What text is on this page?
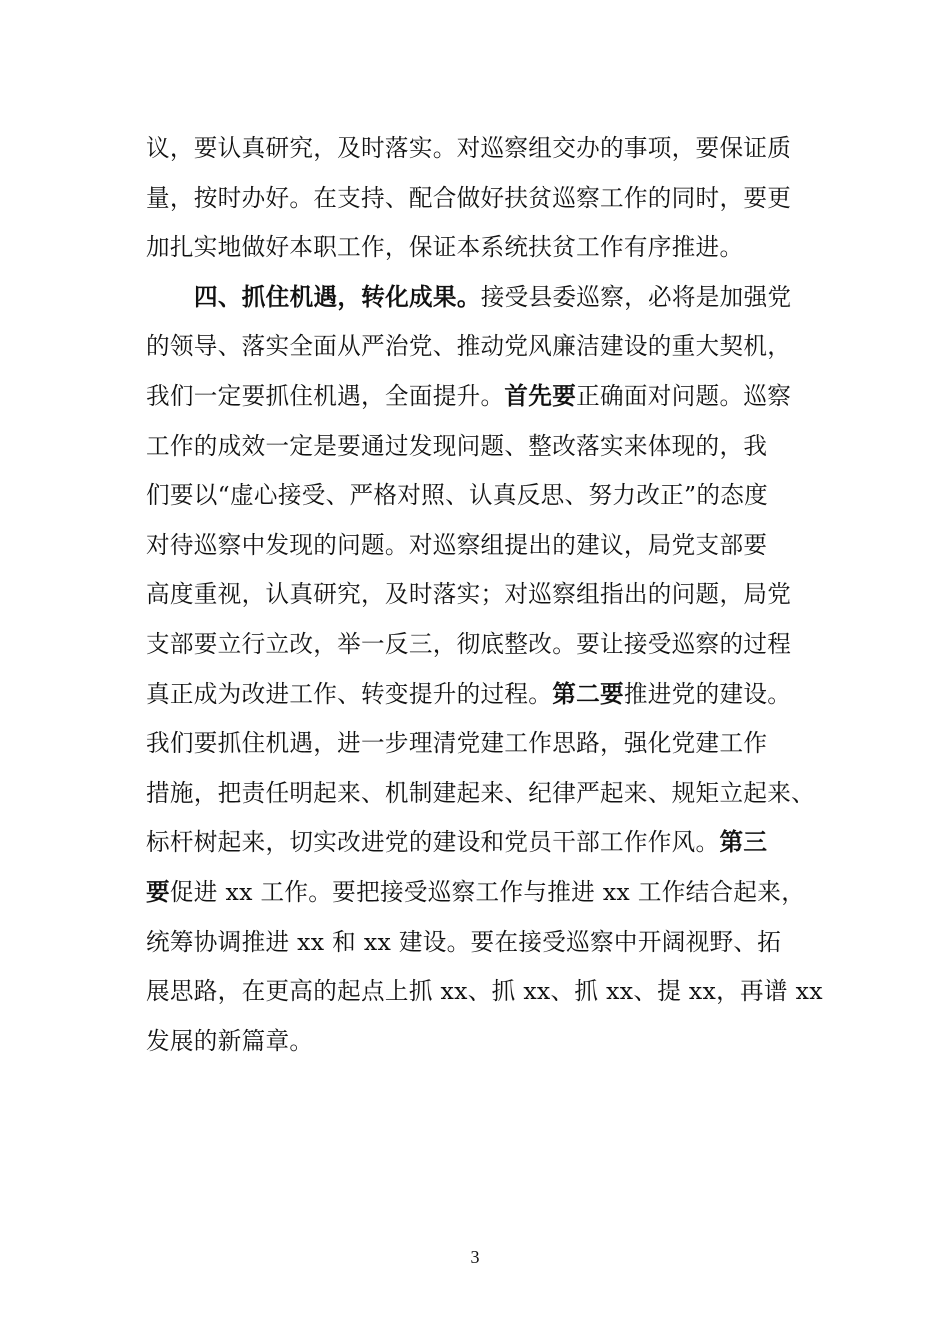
议，要认真研究，及时落实。对巡察组交办的事项，要保证质
量，按时办好。在支持、配合做好扶贫巡察工作的同时，要更
加扎实地做好本职工作，保证本系统扶贫工作有序推进。
四、抓住机遇，转化成果。接受县委巡察，必将是加强党
的领导、落实全面从严治党、推动党风廉洁建设的重大契机，
我们一定要抓住机遇，全面提升。首先要正确面对问题。巡察
工作的成效一定是要通过发现问题、整改落实来体现的，我
们要以“虚心接受、严格对照、认真反思、努力改正”的态度
对待巡察中发现的问题。对巡察组提出的建议，局党支部要
高度重视，认真研究，及时落实；对巡察组指出的问题，局党
支部要立行立改，举一反三，彻底整改。要让接受巡察的过程
真正成为改进工作、转变提升的过程。第二要推进党的建设。
我们要抓住机遇，进一步理清党建工作思路，强化党建工作
措施，把责任明起来、机制建起来、纪律严起来、规矩立起来、
标杆树起来，切实改进党的建设和党员干部工作作风。第三
要促进 xx 工作。要把接受巡察工作与推进 xx 工作结合起来，
统筹协调推进 xx 和 xx 建设。要在接受巡察中开阔视野、拓
展思路，在更高的起点上抓 xx、抓 xx、抓 xx、提 xx，再谱 xx
发展的新篇章。
3
